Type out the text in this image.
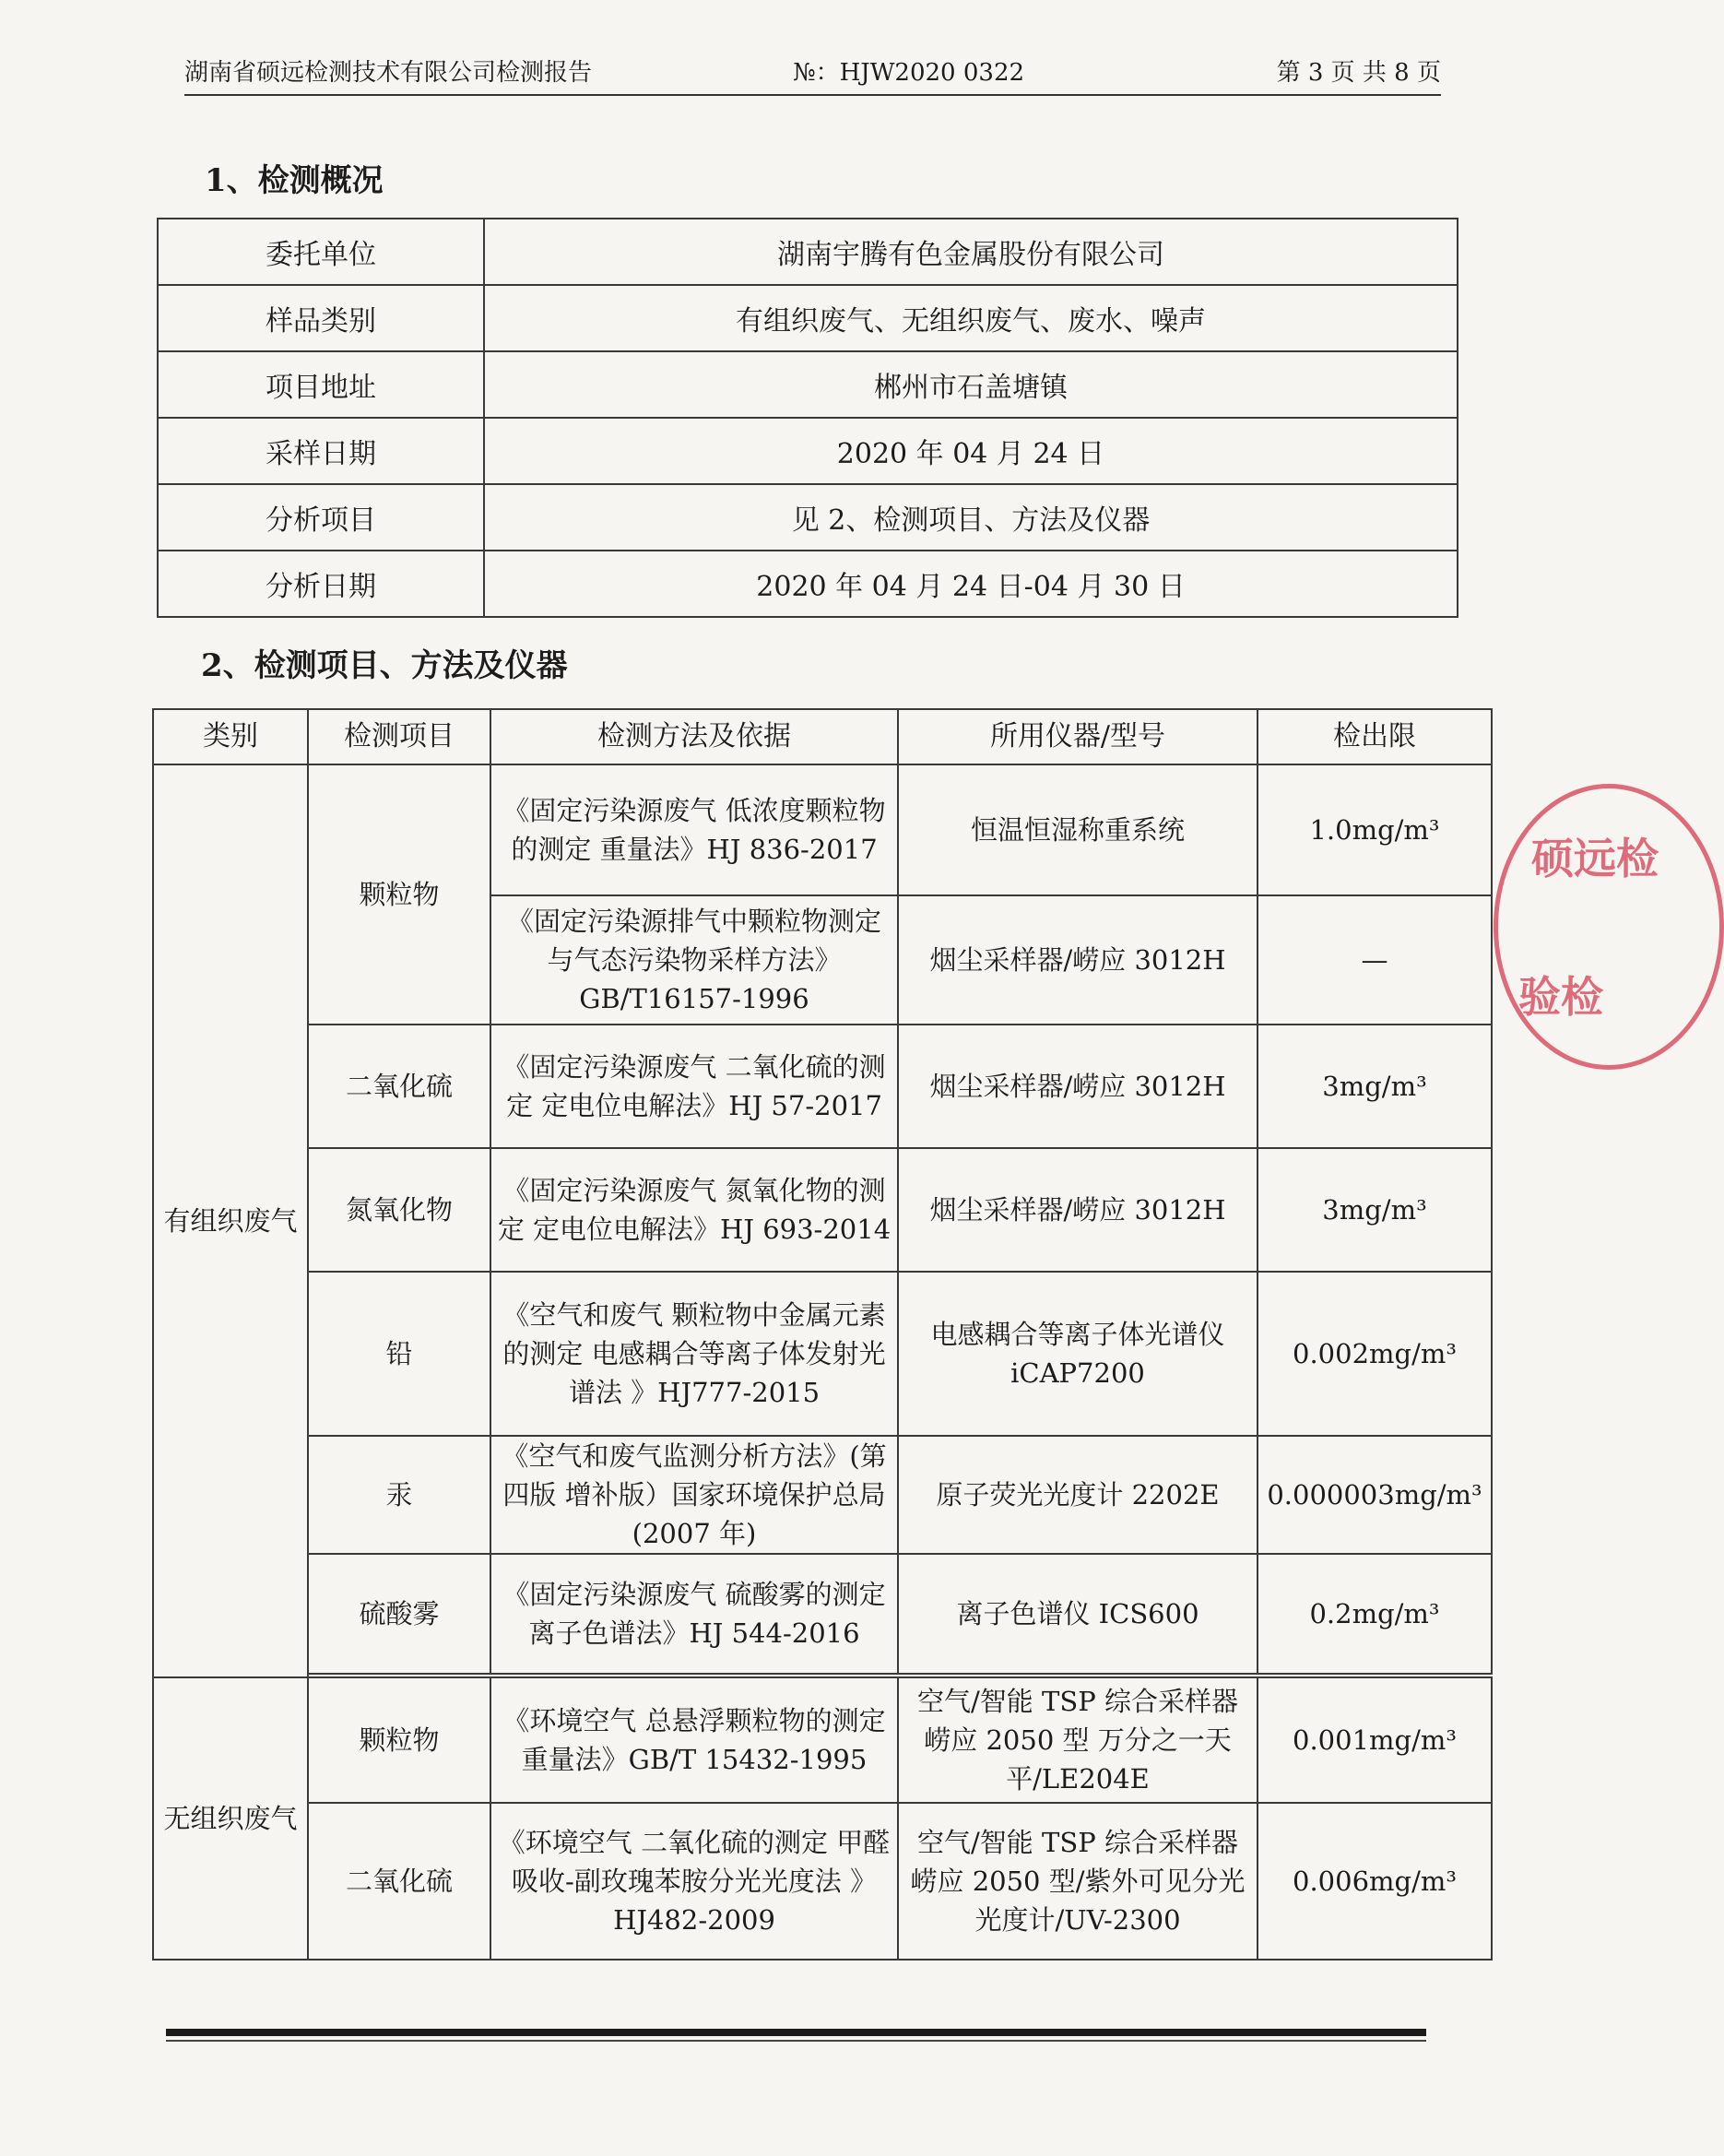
湖南省硕远检测技术有限公司检测报告	№：HJW2020 0322	第 3 页 共 8 页
1、检测概况
委托单位	湖南宇腾有色金属股份有限公司
样品类别	有组织废气、无组织废气、废水、噪声
项目地址	郴州市石盖塘镇
采样日期	2020 年 04 月 24 日
分析项目	见 2、检测项目、方法及仪器
分析日期	2020 年 04 月 24 日-04 月 30 日
2、检测项目、方法及仪器
类别	检测项目	检测方法及依据	所用仪器/型号	检出限
有组织废气	颗粒物	《固定污染源废气 低浓度颗粒物的测定 重量法》HJ 836-2017	恒温恒湿称重系统	1.0mg/m³
		《固定污染源排气中颗粒物测定与气态污染物采样方法》GB/T16157-1996	烟尘采样器/崂应 3012H	—
	二氧化硫	《固定污染源废气 二氧化硫的测定 定电位电解法》HJ 57-2017	烟尘采样器/崂应 3012H	3mg/m³
	氮氧化物	《固定污染源废气 氮氧化物的测定 定电位电解法》HJ 693-2014	烟尘采样器/崂应 3012H	3mg/m³
	铅	《空气和废气 颗粒物中金属元素的测定 电感耦合等离子体发射光谱法 》HJ777-2015	电感耦合等离子体光谱仪 iCAP7200	0.002mg/m³
	汞	《空气和废气监测分析方法》(第四版 增补版）国家环境保护总局(2007 年)	原子荧光光度计 2202E	0.000003mg/m³
	硫酸雾	《固定污染源废气 硫酸雾的测定 离子色谱法》HJ 544-2016	离子色谱仪 ICS600	0.2mg/m³

无组织废气	颗粒物	《环境空气 总悬浮颗粒物的测定 重量法》GB/T 15432-1995	空气/智能 TSP 综合采样器崂应 2050 型 万分之一天平/LE204E	0.001mg/m³
	二氧化硫	《环境空气 二氧化硫的测定 甲醛吸收-副玫瑰苯胺分光光度法 》HJ482-2009	空气/智能 TSP 综合采样器崂应 2050 型/紫外可见分光光度计/UV-2300	0.006mg/m³
硕远检
验检
